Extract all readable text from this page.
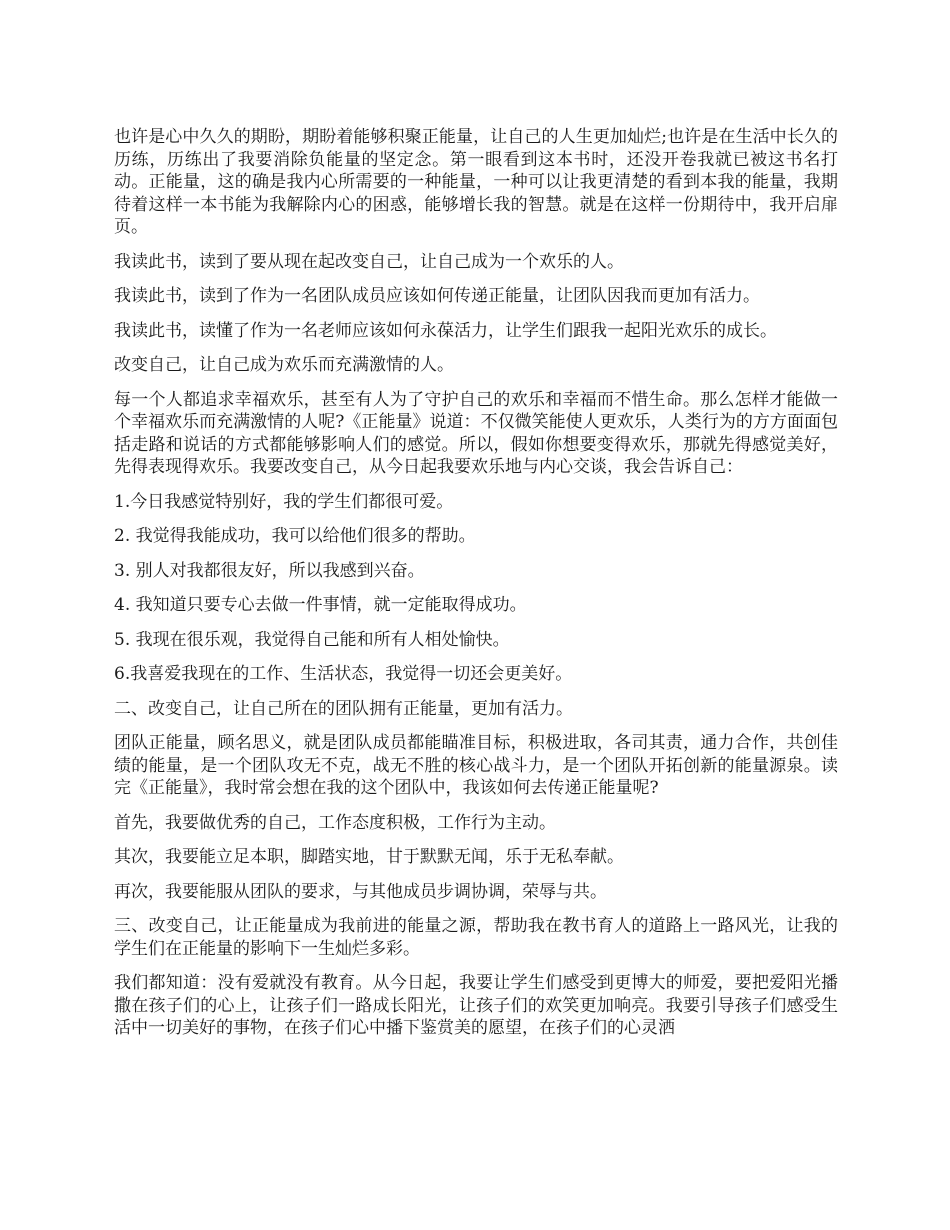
也许是心中久久的期盼，期盼着能够积聚正能量，让自己的人生更加灿烂;也许是在生活中长久的历练，历练出了我要消除负能量的坚定念。第一眼看到这本书时，还没开卷我就已被这书名打动。正能量，这的确是我内心所需要的一种能量，一种可以让我更清楚的看到本我的能量，我期待着这样一本书能为我解除内心的困惑，能够增长我的智慧。就是在这样一份期待中，我开启扉页。

我读此书，读到了要从现在起改变自己，让自己成为一个欢乐的人。

我读此书，读到了作为一名团队成员应该如何传递正能量，让团队因我而更加有活力。

我读此书，读懂了作为一名老师应该如何永葆活力，让学生们跟我一起阳光欢乐的成长。

改变自己，让自己成为欢乐而充满激情的人。

每一个人都追求幸福欢乐，甚至有人为了守护自己的欢乐和幸福而不惜生命。那么怎样才能做一个幸福欢乐而充满激情的人呢?《正能量》说道：不仅微笑能使人更欢乐，人类行为的方方面面包括走路和说话的方式都能够影响人们的感觉。所以，假如你想要变得欢乐，那就先得感觉美好，先得表现得欢乐。我要改变自己，从今日起我要欢乐地与内心交谈，我会告诉自己：

1.今日我感觉特别好，我的学生们都很可爱。

2. 我觉得我能成功，我可以给他们很多的帮助。

3. 别人对我都很友好，所以我感到兴奋。

4. 我知道只要专心去做一件事情，就一定能取得成功。

5. 我现在很乐观，我觉得自己能和所有人相处愉快。

6.我喜爱我现在的工作、生活状态，我觉得一切还会更美好。

二、改变自己，让自己所在的团队拥有正能量，更加有活力。

团队正能量，顾名思义，就是团队成员都能瞄准目标，积极进取，各司其责，通力合作，共创佳绩的能量，是一个团队攻无不克，战无不胜的核心战斗力，是一个团队开拓创新的能量源泉。读完《正能量》，我时常会想在我的这个团队中，我该如何去传递正能量呢?

首先，我要做优秀的自己，工作态度积极，工作行为主动。

其次，我要能立足本职，脚踏实地，甘于默默无闻，乐于无私奉献。

再次，我要能服从团队的要求，与其他成员步调协调，荣辱与共。

三、改变自己，让正能量成为我前进的能量之源，帮助我在教书育人的道路上一路风光，让我的学生们在正能量的影响下一生灿烂多彩。

我们都知道：没有爱就没有教育。从今日起，我要让学生们感受到更博大的师爱，要把爱阳光播撒在孩子们的心上，让孩子们一路成长阳光，让孩子们的欢笑更加响亮。我要引导孩子们感受生活中一切美好的事物，在孩子们心中播下鉴赏美的愿望，在孩子们的心灵洒
